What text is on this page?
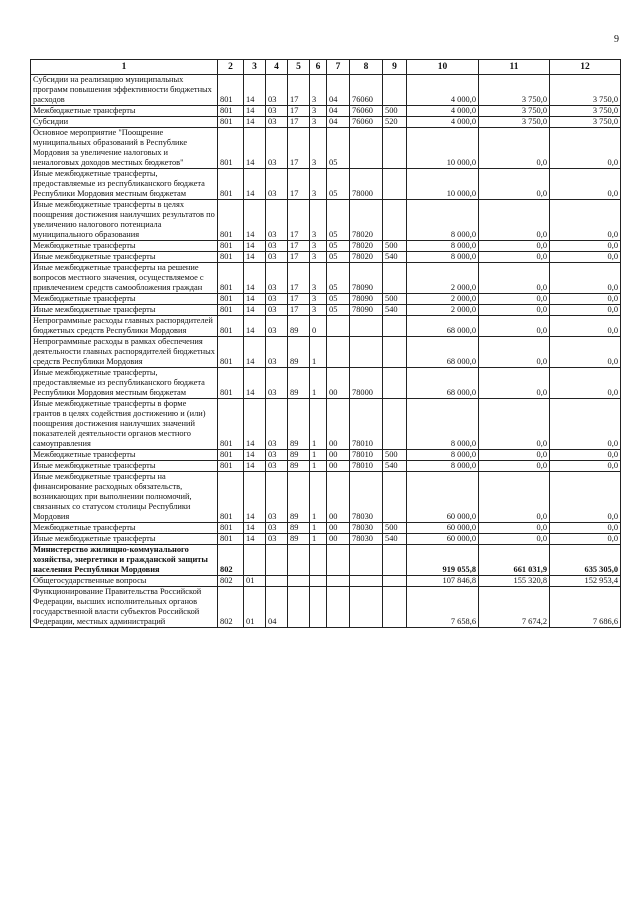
9
1	2	3	4	5	6	7	8	9	10	11	12
Субсидии на реализацию муниципальных программ повышения эффективности бюджетных расходов	801	14	03	17	3	04	76060		4 000,0	3 750,0	3 750,0
Межбюджетные трансферты	801	14	03	17	3	04	76060	500	4 000,0	3 750,0	3 750,0
Субсидии	801	14	03	17	3	04	76060	520	4 000,0	3 750,0	3 750,0
Основное мероприятие "Поощрение муниципальных образований в Республике Мордовия за увеличение налоговых и неналоговых доходов местных бюджетов"	801	14	03	17	3	05			10 000,0	0,0	0,0
Иные межбюджетные трансферты, предоставляемые из республиканского бюджета Республики Мордовия местным бюджетам	801	14	03	17	3	05	78000		10 000,0	0,0	0,0
Иные межбюджетные трансферты в целях поощрения достижения наилучших результатов по увеличению налогового потенциала муниципального образования	801	14	03	17	3	05	78020		8 000,0	0,0	0,0
Межбюджетные трансферты	801	14	03	17	3	05	78020	500	8 000,0	0,0	0,0
Иные межбюджетные трансферты	801	14	03	17	3	05	78020	540	8 000,0	0,0	0,0
Иные межбюджетные трансферты на решение вопросов местного значения, осуществляемое с привлечением средств самообложения граждан	801	14	03	17	3	05	78090		2 000,0	0,0	0,0
Межбюджетные трансферты	801	14	03	17	3	05	78090	500	2 000,0	0,0	0,0
Иные межбюджетные трансферты	801	14	03	17	3	05	78090	540	2 000,0	0,0	0,0
Непрограммные расходы главных распорядителей бюджетных средств Республики Мордовия	801	14	03	89	0				68 000,0	0,0	0,0
Непрограммные расходы в рамках обеспечения деятельности главных распорядителей бюджетных средств Республики Мордовия	801	14	03	89	1				68 000,0	0,0	0,0
Иные межбюджетные трансферты, предоставляемые из республиканского бюджета Республики Мордовия местным бюджетам	801	14	03	89	1	00	78000		68 000,0	0,0	0,0
Иные межбюджетные трансферты в форме грантов в целях содействия достижению и (или) поощрения достижения наилучших значений показателей деятельности органов местного самоуправления	801	14	03	89	1	00	78010		8 000,0	0,0	0,0
Межбюджетные трансферты	801	14	03	89	1	00	78010	500	8 000,0	0,0	0,0
Иные межбюджетные трансферты	801	14	03	89	1	00	78010	540	8 000,0	0,0	0,0
Иные межбюджетные трансферты на финансирование расходных обязательств, возникающих при выполнении полномочий, связанных со статусом столицы Республики Мордовия	801	14	03	89	1	00	78030		60 000,0	0,0	0,0
Межбюджетные трансферты	801	14	03	89	1	00	78030	500	60 000,0	0,0	0,0
Иные межбюджетные трансферты	801	14	03	89	1	00	78030	540	60 000,0	0,0	0,0
Министерство жилищно-коммунального хозяйства, энергетики и гражданской защиты населения Республики Мордовия	802								919 055,8	661 031,9	635 305,0
Общегосударственные вопросы	802	01							107 846,8	155 320,8	152 953,4
Функционирование Правительства Российской Федерации, высших исполнительных органов государственной власти субъектов Российской Федерации, местных администраций	802	01	04						7 658,6	7 674,2	7 686,6
